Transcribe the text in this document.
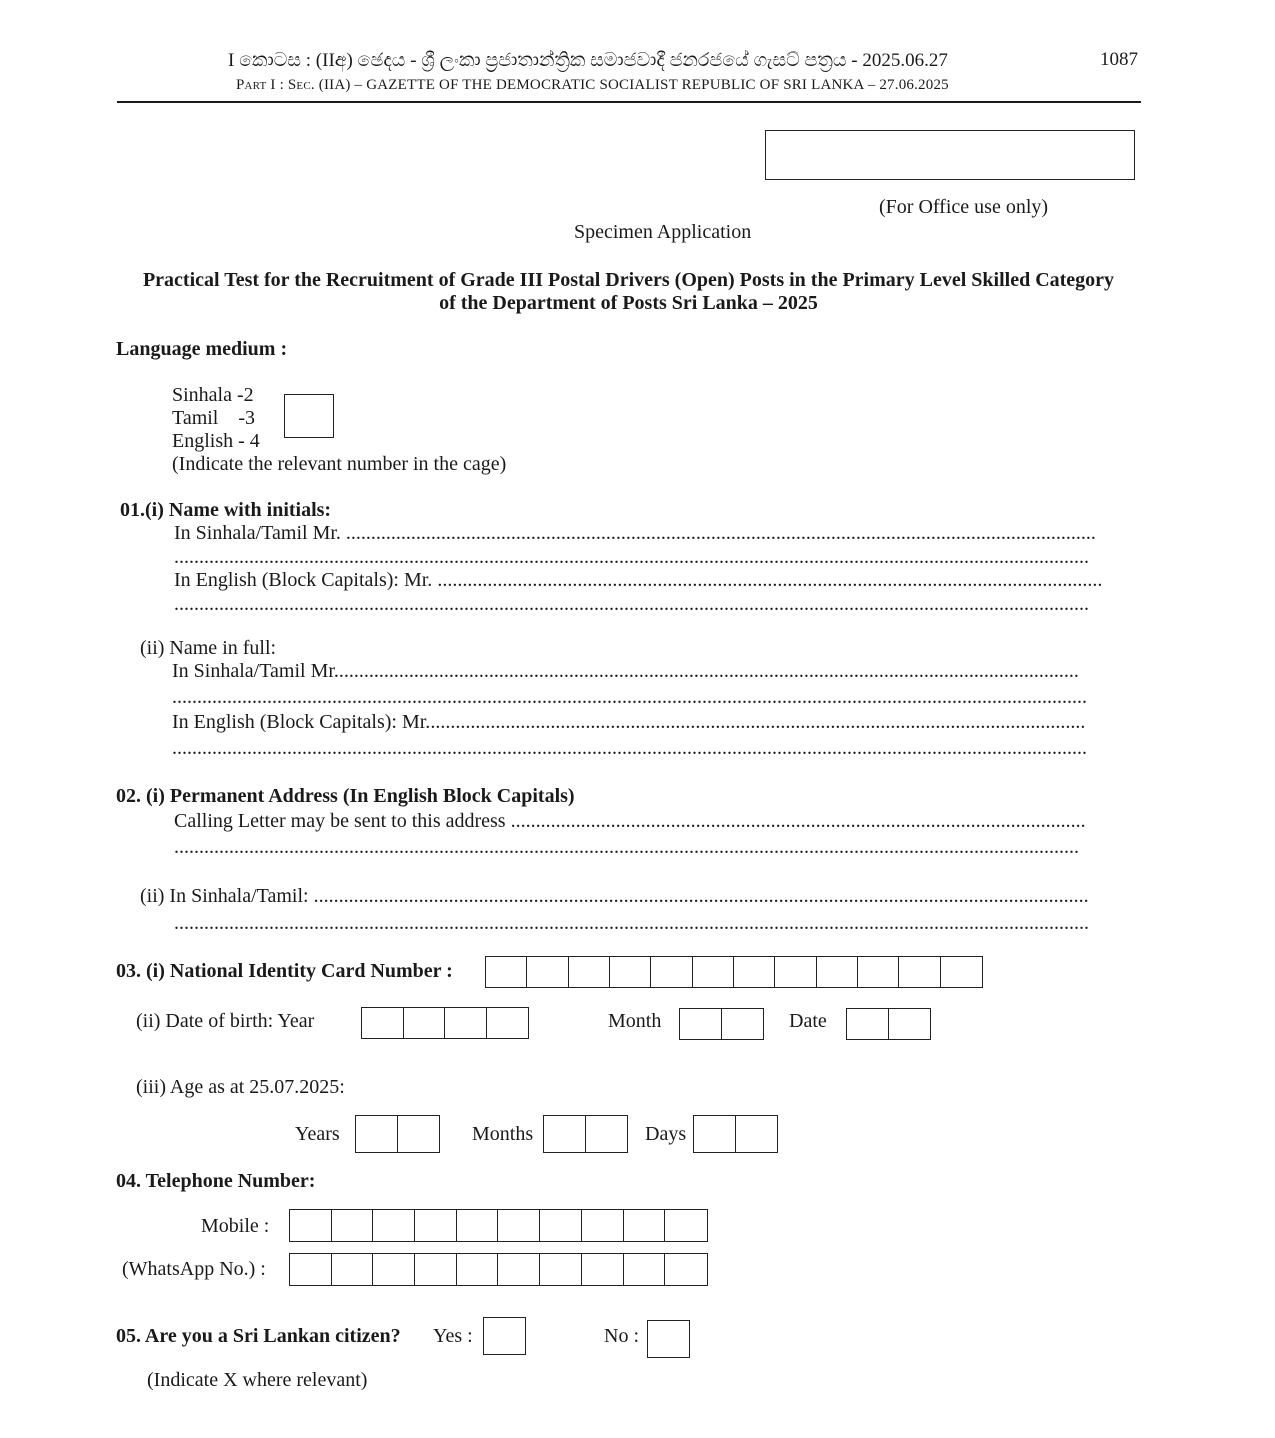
I කොටස : (IIඅ) ඡෙදය - ශ්‍රී ලංකා ප්‍රජාතාන්ත්‍රික සමාජවාදී ජනරජයේ ගැසට් පත්‍රය - 2025.06.27	1087
Part I : Sec. (IIA) – GAZETTE OF THE DEMOCRATIC SOCIALIST REPUBLIC OF SRI LANKA – 27.06.2025
(For Office use only)
Specimen Application
Practical Test for the Recruitment of Grade III Postal Drivers (Open) Posts in the Primary Level Skilled Category
of the Department of Posts Sri Lanka – 2025
Language medium :
Sinhala -2
Tamil    -3
English - 4
(Indicate the relevant number in the cage)
01.(i) Name with initials:
In Sinhala/Tamil Mr. ......................................................................................................................................................
.......................................................................................................................................................................................
In English (Block Capitals): Mr. .....................................................................................................................................
.......................................................................................................................................................................................
(ii) Name in full:
In Sinhala/Tamil Mr.....................................................................................................................................................
.......................................................................................................................................................................................
In English (Block Capitals): Mr....................................................................................................................................
.......................................................................................................................................................................................
02. (i) Permanent Address (In English Block Capitals)
Calling Letter may be sent to this address ...................................................................................................................
.....................................................................................................................................................................................
(ii) In Sinhala/Tamil: ...........................................................................................................................................................
.......................................................................................................................................................................................
03. (i) National Identity Card Number :
(ii) Date of birth: Year	Month	Date
(iii) Age as at 25.07.2025:
Years	Months	Days
04. Telephone Number:
Mobile :
(WhatsApp No.) :
05. Are you a Sri Lankan citizen? Yes :	No :
(Indicate X where relevant)
